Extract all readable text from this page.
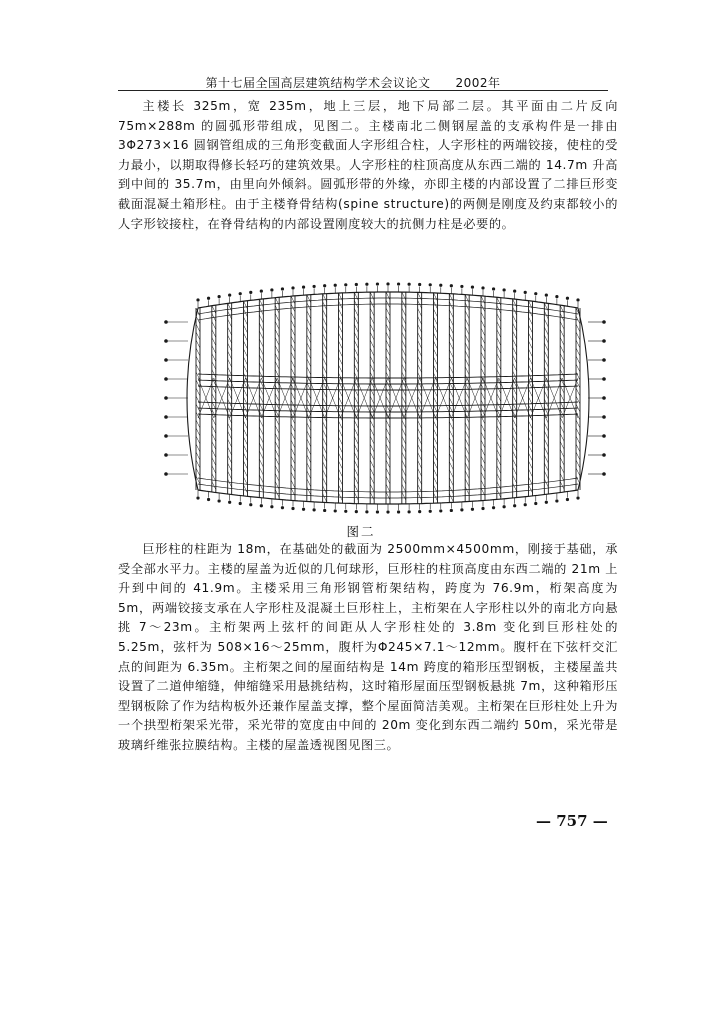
第十七届全国高层建筑结构学术会议论文　　2002年

主楼长 325m，宽 235m，地上三层，地下局部二层。其平面由二片反向 75m×288m 的圆弧形带组成，见图二。主楼南北二侧钢屋盖的支承构件是一排由 3Φ273×16 圆钢管组成的三角形变截面人字形组合柱，人字形柱的两端铰接，使柱的受力最小，以期取得修长轻巧的建筑效果。人字形柱的柱顶高度从东西二端的 14.7m 升高到中间的 35.7m，由里向外倾斜。圆弧形带的外缘，亦即主楼的内部设置了二排巨形变截面混凝土箱形柱。由于主楼脊骨结构(spine structure)的两侧是刚度及约束都较小的人字形铰接柱，在脊骨结构的内部设置刚度较大的抗侧力柱是必要的。

图二

巨形柱的柱距为 18m，在基础处的截面为 2500mm×4500mm，刚接于基础，承受全部水平力。主楼的屋盖为近似的几何球形，巨形柱的柱顶高度由东西二端的 21m 上升到中间的 41.9m。主楼采用三角形钢管桁架结构，跨度为 76.9m，桁架高度为 5m，两端铰接支承在人字形柱及混凝土巨形柱上，主桁架在人字形柱以外的南北方向悬挑 7～23m。主桁架两上弦杆的间距从人字形柱处的 3.8m 变化到巨形柱处的 5.25m，弦杆为 508×16～25mm，腹杆为Φ245×7.1～12mm。腹杆在下弦杆交汇点的间距为 6.35m。主桁架之间的屋面结构是 14m 跨度的箱形压型钢板，主楼屋盖共设置了二道伸缩缝，伸缩缝采用悬挑结构，这时箱形屋面压型钢板悬挑 7m，这种箱形压型钢板除了作为结构板外还兼作屋盖支撑，整个屋面简洁美观。主桁架在巨形柱处上升为一个拱型桁架采光带，采光带的宽度由中间的 20m 变化到东西二端约 50m，采光带是玻璃纤维张拉膜结构。主楼的屋盖透视图见图三。

— 757 —
